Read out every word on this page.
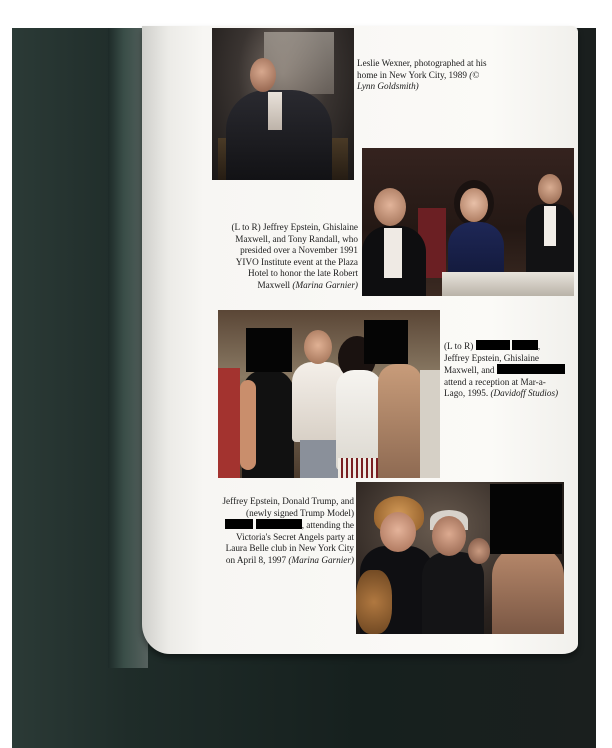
Leslie Wexner, photographed at his home in New York City, 1989 (© Lynn Goldsmith)

(L to R) Jeffrey Epstein, Ghislaine Maxwell, and Tony Randall, who presided over a November 1991 YIVO Institute event at the Plaza Hotel to honor the late Robert Maxwell (Marina Garnier)

(L to R)	, Jeffrey Epstein, Ghislaine Maxwell, and  attend a reception at Mar-a-Lago, 1995. (Davidoff Studios)

Jeffrey Epstein, Donald Trump, and (newly signed Trump Model)  , attending the Victoria's Secret Angels party at Laura Belle club in New York City on April 8, 1997 (Marina Garnier)
